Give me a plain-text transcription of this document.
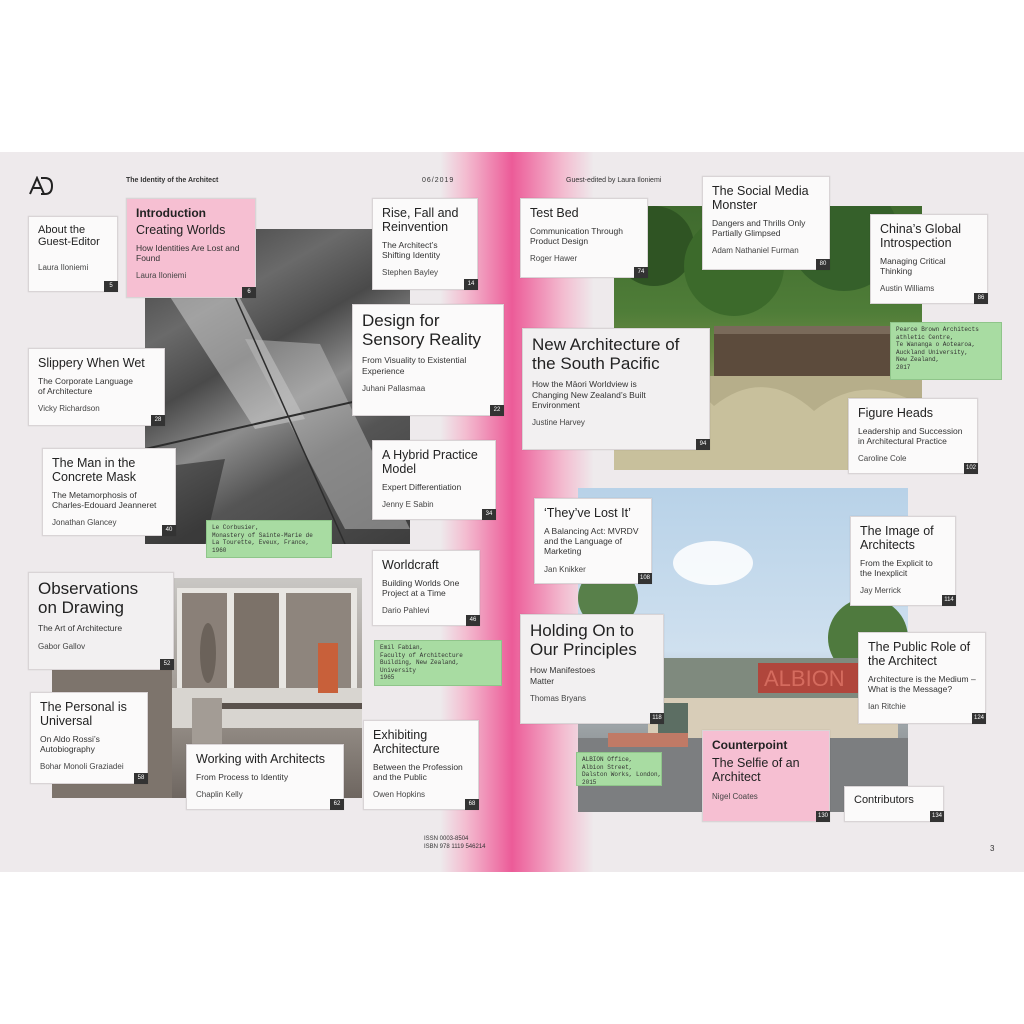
The Identity of the Architect	06/2019
About the Guest-Editor
Laura Iloniemi
5
Introduction
Creating Worlds
How Identities Are Lost and Found
Laura Iloniemi
6
Rise, Fall and Reinvention
The Architect’s Shifting Identity
Stephen Bayley
14
Design for Sensory Reality
From Visuality to Existential Experience
Juhani Pallasmaa
22
Slippery When Wet
The Corporate Language of Architecture
Vicky Richardson
28
A Hybrid Practice Model
Expert Differentiation
Jenny E Sabin
34
The Man in the Concrete Mask
The Metamorphosis of Charles-Edouard Jeanneret
Jonathan Glancey
40	Le Corbusier,
Monastery of Sainte-Marie de
La Tourette, Eveux, France,
1960
Worldcraft
Building Worlds One Project at a Time
Dario Pahlevi
46
Observations on Drawing
The Art of Architecture
Gabor Gallov
52
Emil Fabian,
Faculty of Architecture
Building, New Zealand,
University
1965
The Personal is Universal
On Aldo Rossi’s Autobiography
Bohar Monoli Graziadei
58
Working with Architects
From Process to Identity
Chaplin Kelly
62
Exhibiting Architecture
Between the Profession and the Public
Owen Hopkins
68
ISSN 0003-8504
ISBN 978 1119 546214
Guest-edited by Laura Iloniemi
ALBION
Test Bed
Communication Through Product Design
Roger Hawer
74
The Social Media Monster
Dangers and Thrills Only Partially Glimpsed
Adam Nathaniel Furman
80
China’s Global Introspection
Managing Critical Thinking
Austin Williams
86
Pearce Brown Architects
athletic Centre,
Te Wananga o Aotearoa,
Auckland University,
New Zealand,
2017
New Architecture of the South Pacific
How the Māori Worldview is Changing New Zealand’s Built Environment
Justine Harvey
94
Figure Heads
Leadership and Succession in Architectural Practice
Caroline Cole
102
‘They’ve Lost It’
A Balancing Act: MVRDV and the Language of Marketing
Jan Knikker
108
The Image of Architects
From the Explicit to the Inexplicit
Jay Merrick
114
Holding On to Our Principles
How Manifestoes Matter
Thomas Bryans
118
The Public Role of the Architect
Architecture is the Medium – What is the Message?
Ian Ritchie
124
ALBION Office,
Albion Street,
Dalston Works, London,
2015
Counterpoint
The Selfie of an Architect
Nigel Coates
130
Contributors
134
3
